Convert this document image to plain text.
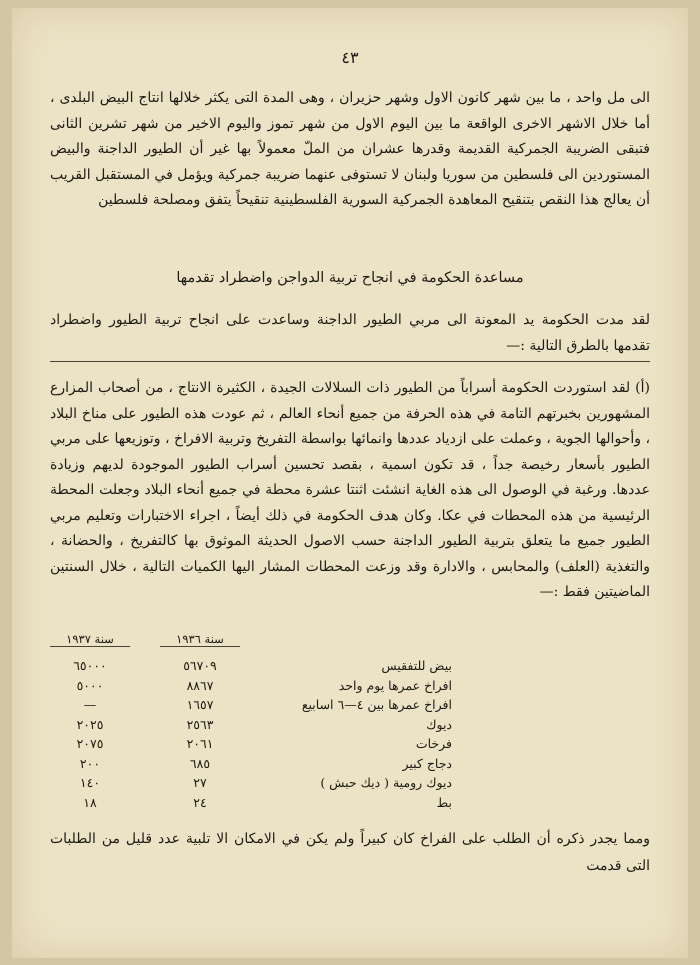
٤٣
الى مل واحد ، ما بين شهر كانون الاول وشهر حزيران ، وهى المدة التى يكثر خلالها انتاج البيض البلدى ، أما خلال الاشهر الاخرى الواقعة ما بين اليوم الاول من شهر تموز واليوم الاخير من شهر تشرين الثانى فتبقى الضريبة الجمركية القديمة وقدرها عشران من الملّ معمولاً بها غير أن الطيور الداجنة والبيض المستوردين الى فلسطين من سوريا ولبنان لا تستوفى عنهما ضريبة جمركية ويؤمل في المستقبل القريب أن يعالج هذا النقص بتنقيح المعاهدة الجمركية السورية الفلسطينية تنقيحاً يتفق ومصلحة فلسطين
مساعدة الحكومة في انجاح تربية الدواجن واضطراد تقدمها
لقد مدت الحكومة يد المعونة الى مربي الطيور الداجنة وساعدت على انجاح تربية الطيور واضطراد تقدمها بالطرق التالية :—
(أ) لقد استوردت الحكومة أسراباً من الطيور ذات السلالات الجيدة ، الكثيرة الانتاج ، من أصحاب المزارع المشهورين بخبرتهم التامة في هذه الحرفة من جميع أنحاء العالم ، ثم عودت هذه الطيور على مناخ البلاد ، وأحوالها الجوية ، وعملت على ازدياد عددها وانمائها بواسطة التفريخ وتربية الافراخ ، وتوزيعها على مربي الطيور بأسعار رخيصة جداً ، قد تكون اسمية ، بقصد تحسين أسراب الطيور الموجودة لديهم وزيادة عددها. ورغبة في الوصول الى هذه الغاية انشئت اثنتا عشرة محطة في جميع أنحاء البلاد وجعلت المحطة الرئيسية من هذه المحطات في عكا. وكان هدف الحكومة في ذلك أيضاً ، اجراء الاختبارات وتعليم مربي الطيور جميع ما يتعلق بتربية الطيور الداجنة حسب الاصول الحديثة الموثوق بها كالتفريخ ، والحضانة ، والتغذية (العلف) والمحابس ، والادارة وقد وزعت المحطات المشار اليها الكميات التالية ، خلال السنتين الماضيتين فقط :—
سنة ١٩٣٦
سنة ١٩٣٧
بيض للتفقيس
٥٦٧٠٩
٦٥٠٠٠
افراخ عمرها يوم واحد
٨٨٦٧
٥٠٠٠
افراخ عمرها بين ٤—٦ اسابيع
١٦٥٧
—
ديوك
٢٥٦٣
٢٠٢٥
فرخات
٢٠٦١
٢٠٧٥
دجاج كبير
٦٨٥
٢٠٠
ديوك رومية ( ديك حبش )
٢٧
١٤٠
بط
٢٤
١٨
ومما يجدر ذكره أن الطلب على الفراخ كان كبيراً ولم يكن في الامكان الا تلبية عدد قليل من الطلبات التى قدمت
